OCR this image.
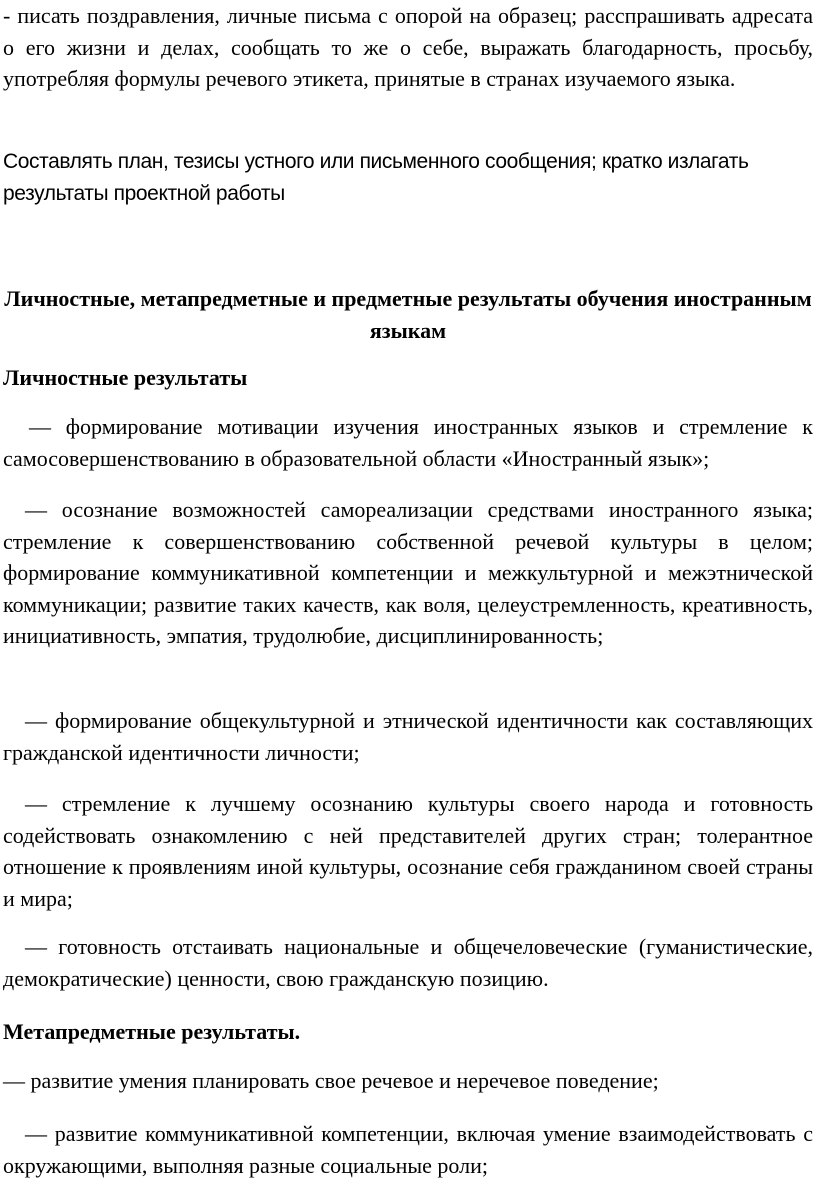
- писать поздравления, личные письма с опорой на образец; расспрашивать адресата о его жизни и делах, сообщать то же о себе, выражать благодарность, просьбу, употребляя формулы речевого этикета, принятые в странах изучаемого языка.

Составлять план, тезисы устного или письменного сообщения; кратко излагать результаты проектной работы

Личностные, метапредметные и предметные результаты обучения иностранным языкам
Личностные результаты

— формирование мотивации изучения иностранных языков и стремление к самосовершенствованию в образовательной области «Иностранный язык»;

— осознание возможностей самореализации средствами иностранного языка; стремление к совершенствованию собственной речевой культуры в целом; формирование коммуникативной компетенции и межкультурной и межэтнической коммуникации; развитие таких качеств, как воля, целеустремленность, креативность, инициативность, эмпатия, трудолюбие, дисциплинированность;

— формирование общекультурной и этнической идентичности как составляющих гражданской идентичности личности;

— стремление к лучшему осознанию культуры своего народа и готовность содействовать ознакомлению с ней представителей других стран; толерантное отношение к проявлениям иной культуры, осознание себя гражданином своей страны и мира;

— готовность отстаивать национальные и общечеловеческие (гуманистические, демократические) ценности, свою гражданскую позицию.

Метапредметные результаты.

— развитие умения планировать свое речевое и неречевое поведение;

— развитие коммуникативной компетенции, включая умение взаимодействовать с окружающими, выполняя разные социальные роли;
